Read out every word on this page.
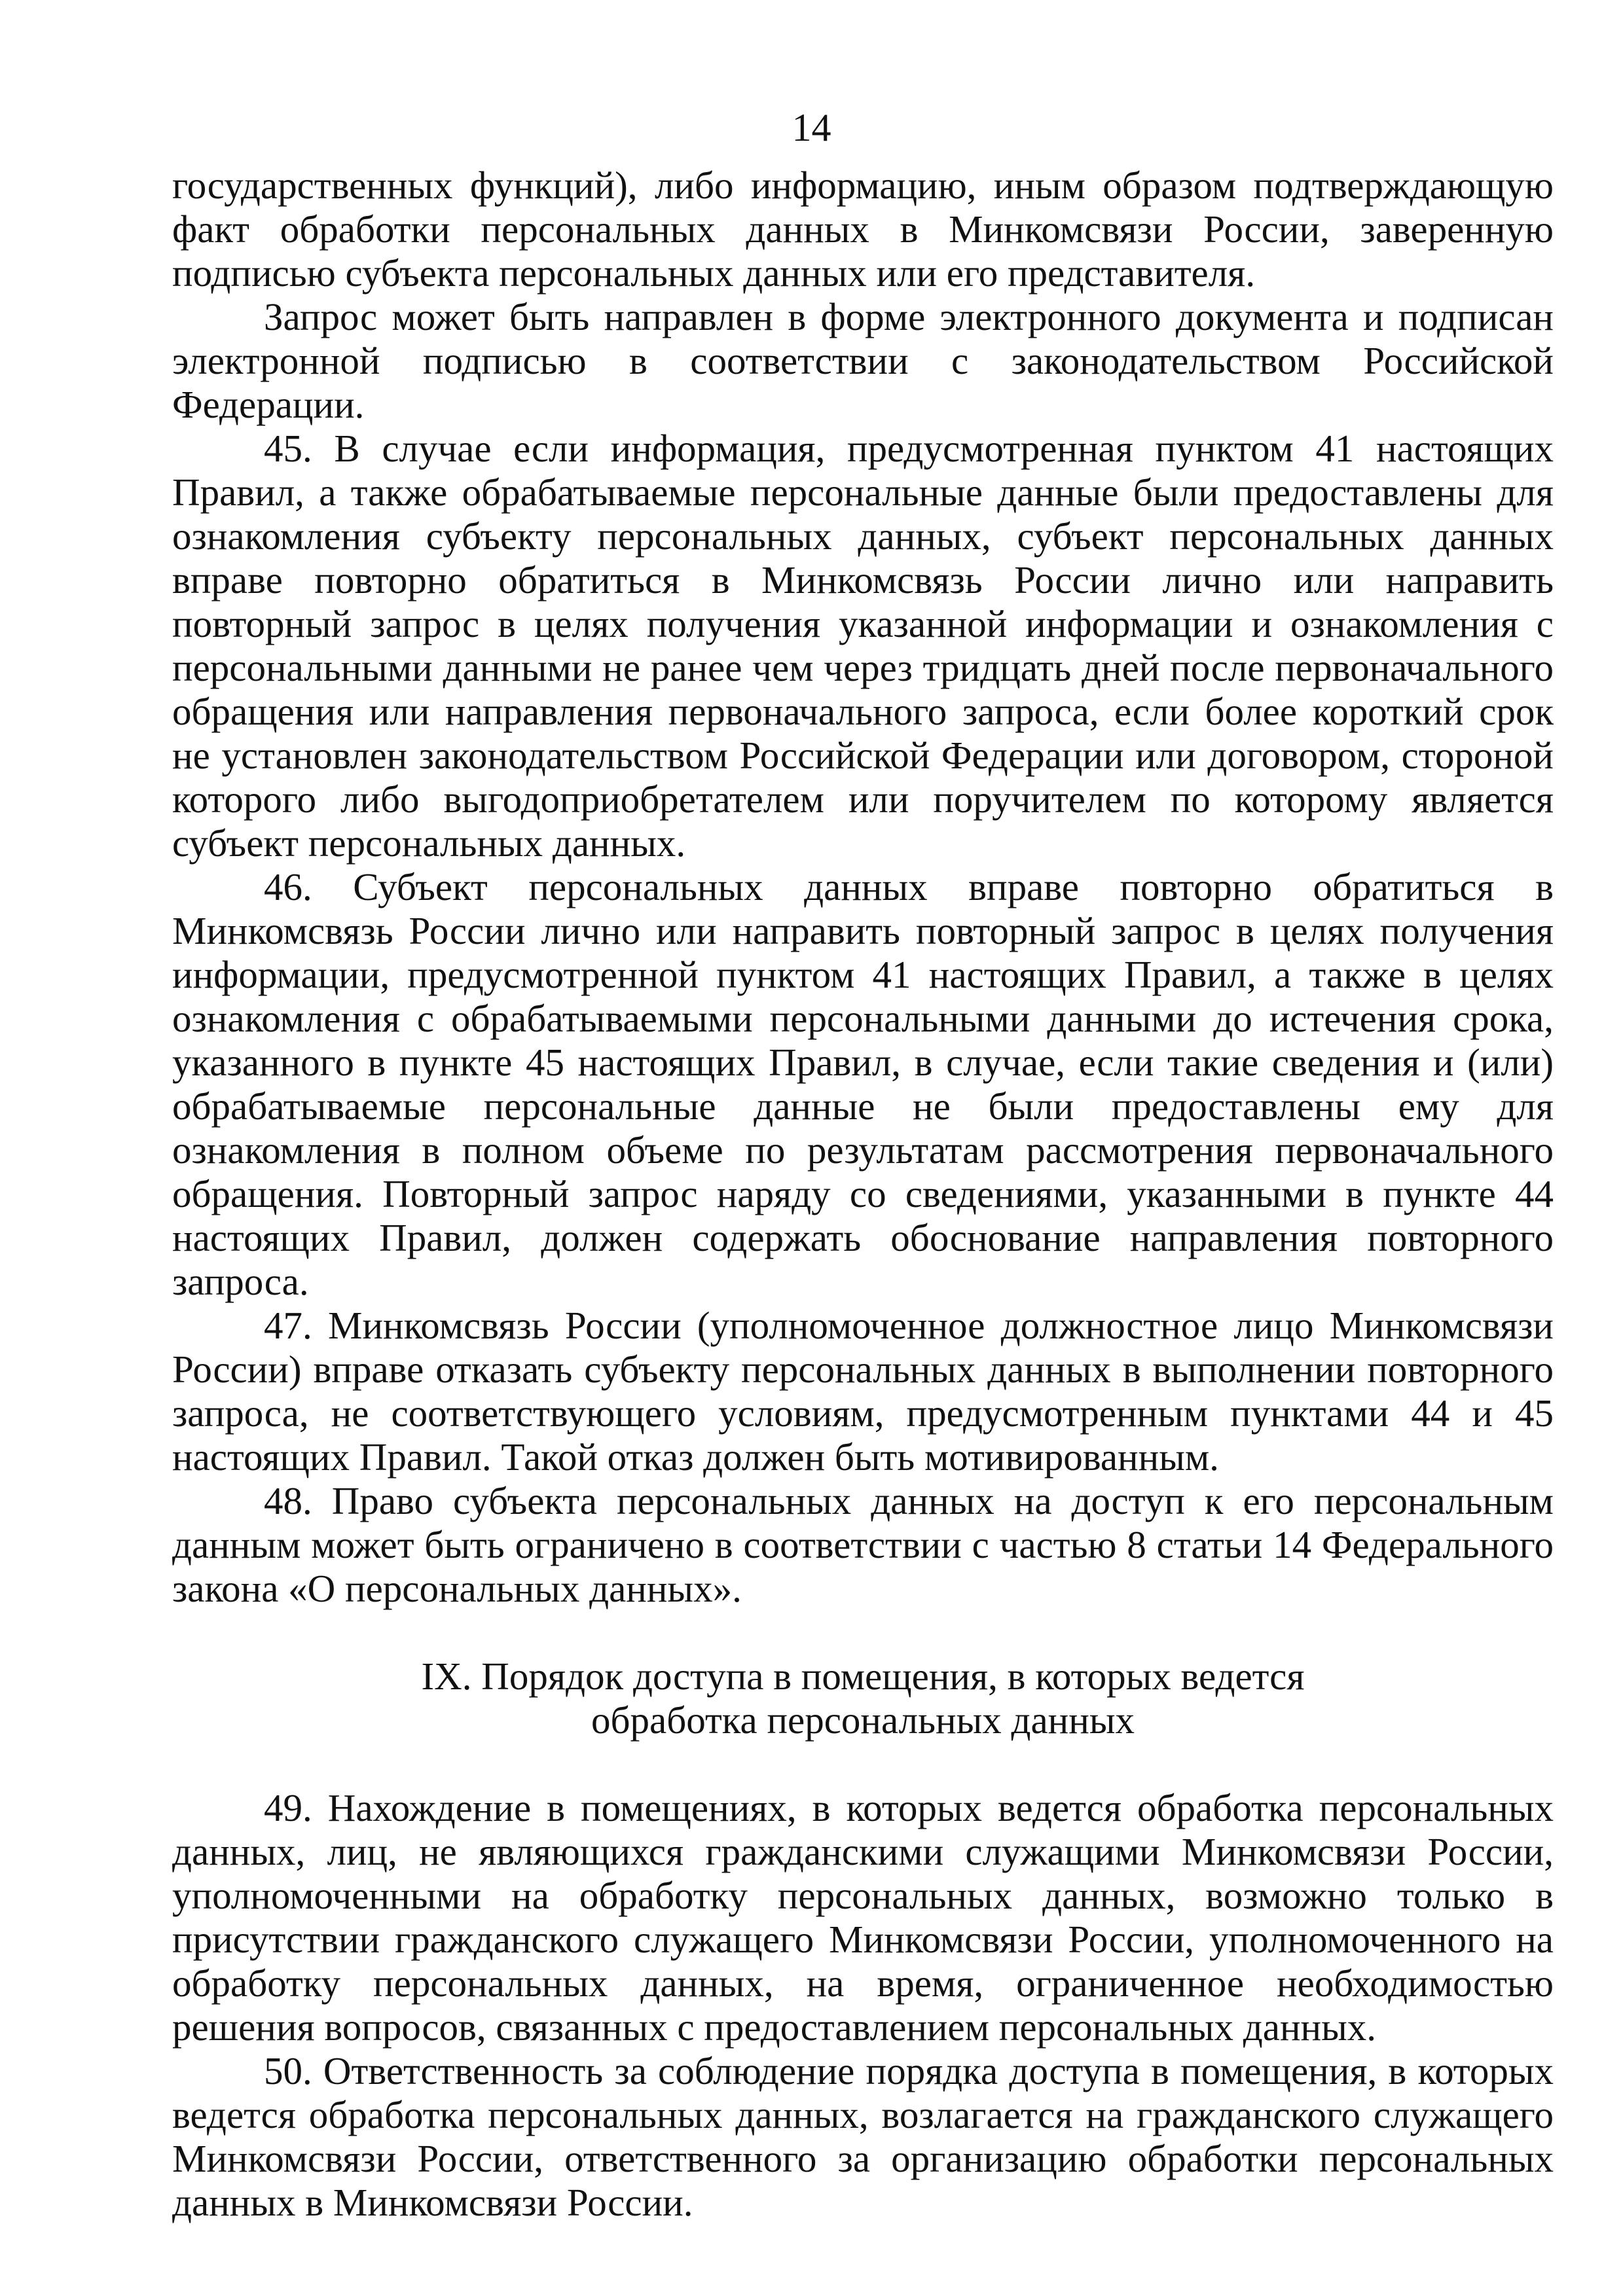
14

государственных функций), либо информацию, иным образом подтверждающую факт обработки персональных данных в Минкомсвязи России, заверенную подписью субъекта персональных данных или его представителя.

Запрос может быть направлен в форме электронного документа и подписан электронной подписью в соответствии с законодательством Российской Федерации.

45. В случае если информация, предусмотренная пунктом 41 настоящих Правил, а также обрабатываемые персональные данные были предоставлены для ознакомления субъекту персональных данных, субъект персональных данных вправе повторно обратиться в Минкомсвязь России лично или направить повторный запрос в целях получения указанной информации и ознакомления с персональными данными не ранее чем через тридцать дней после первоначального обращения или направления первоначального запроса, если более короткий срок не установлен законодательством Российской Федерации или договором, стороной которого либо выгодоприобретателем или поручителем по которому является субъект персональных данных.

46. Субъект персональных данных вправе повторно обратиться в Минкомсвязь России лично или направить повторный запрос в целях получения информации, предусмотренной пунктом 41 настоящих Правил, а также в целях ознакомления с обрабатываемыми персональными данными до истечения срока, указанного в пункте 45 настоящих Правил, в случае, если такие сведения и (или) обрабатываемые персональные данные не были предоставлены ему для ознакомления в полном объеме по результатам рассмотрения первоначального обращения. Повторный запрос наряду со сведениями, указанными в пункте 44 настоящих Правил, должен содержать обоснование направления повторного запроса.

47. Минкомсвязь России (уполномоченное должностное лицо Минкомсвязи России) вправе отказать субъекту персональных данных в выполнении повторного запроса, не соответствующего условиям, предусмотренным пунктами 44 и 45 настоящих Правил. Такой отказ должен быть мотивированным.

48. Право субъекта персональных данных на доступ к его персональным данным может быть ограничено в соответствии с частью 8 статьи 14 Федерального закона «О персональных данных».

IX. Порядок доступа в помещения, в которых ведется
обработка персональных данных

49. Нахождение в помещениях, в которых ведется обработка персональных данных, лиц, не являющихся гражданскими служащими Минкомсвязи России, уполномоченными на обработку персональных данных, возможно только в присутствии гражданского служащего Минкомсвязи России, уполномоченного на обработку персональных данных, на время, ограниченное необходимостью решения вопросов, связанных с предоставлением персональных данных.

50. Ответственность за соблюдение порядка доступа в помещения, в которых ведется обработка персональных данных, возлагается на гражданского служащего Минкомсвязи России, ответственного за организацию обработки персональных данных в Минкомсвязи России.
